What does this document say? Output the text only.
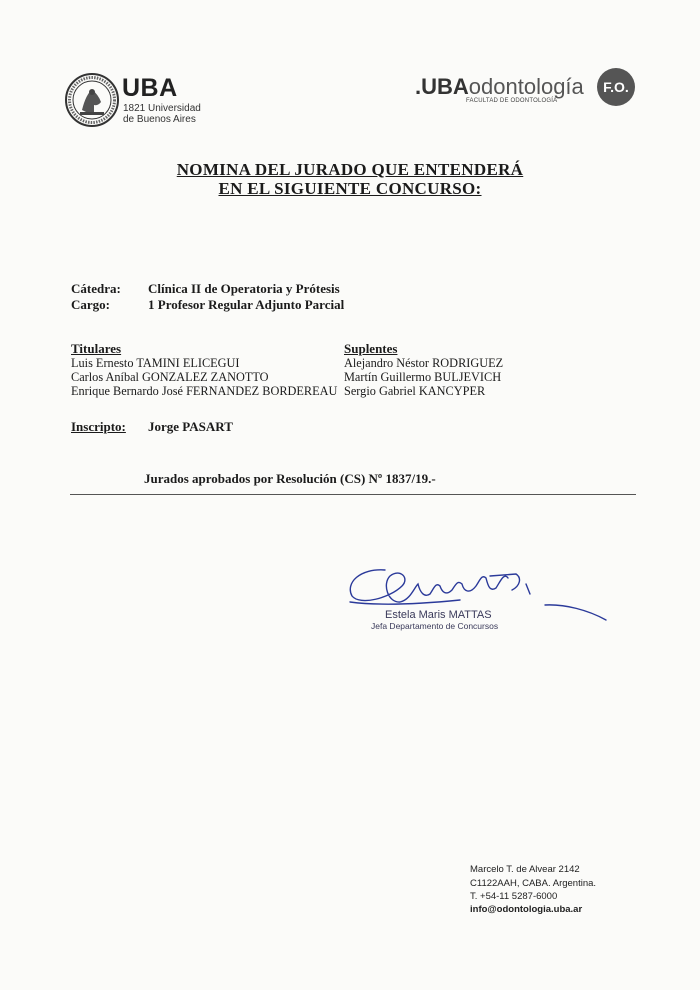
UBA
1821 Universidad
de Buenos Aires
.UBAodontología
FACULTAD DE ODONTOLOGÍA
F.O.
NOMINA DEL JURADO QUE ENTENDERÁ
EN EL SIGUIENTE CONCURSO:
Cátedra: Clínica II de Operatoria y Prótesis
Cargo:	1 Profesor Regular Adjunto Parcial
Titulares
Luis Ernesto TAMINI ELICEGUI
Carlos Aníbal GONZALEZ ZANOTTO
Enrique Bernardo José FERNANDEZ BORDEREAU
Suplentes
Alejandro Néstor RODRIGUEZ
Martín Guillermo BULJEVICH
Sergio Gabriel KANCYPER
Inscripto: Jorge PASART
Jurados aprobados por Resolución (CS) Nº 1837/19.-
Estela Maris MATTAS
Jefa Departamento de Concursos
Marcelo T. de Alvear 2142
C1122AAH, CABA. Argentina.
T. +54-11 5287-6000
info@odontologia.uba.ar
